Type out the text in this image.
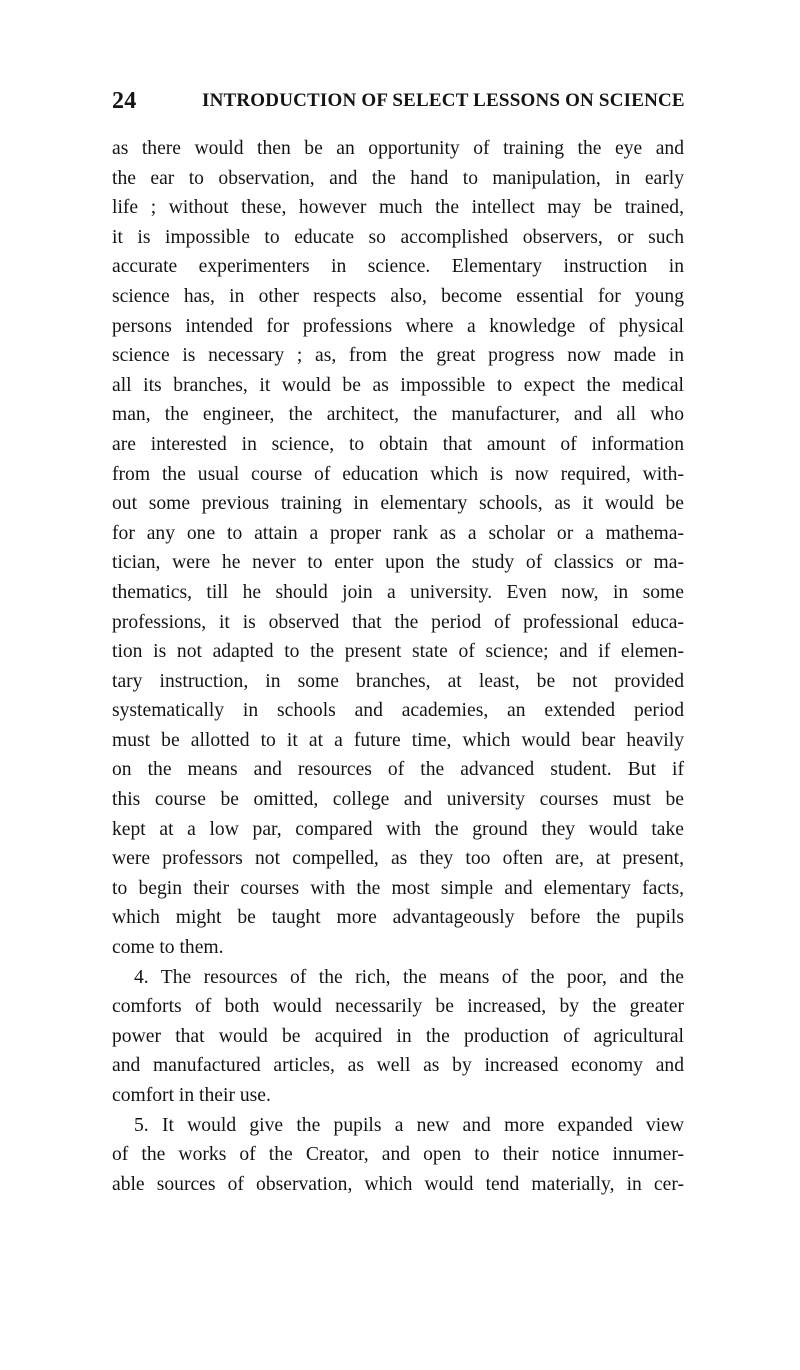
24	INTRODUCTION OF SELECT LESSONS ON SCIENCE
as there would then be an opportunity of training the eye and
the ear to observation, and the hand to manipulation, in early
life ; without these, however much the intellect may be trained,
it is impossible to educate so accomplished observers, or such
accurate experimenters in science. Elementary instruction in
science has, in other respects also, become essential for young
persons intended for professions where a knowledge of physical
science is necessary ; as, from the great progress now made in
all its branches, it would be as impossible to expect the medical
man, the engineer, the architect, the manufacturer, and all who
are interested in science, to obtain that amount of information
from the usual course of education which is now required, with-
out some previous training in elementary schools, as it would be
for any one to attain a proper rank as a scholar or a mathema-
tician, were he never to enter upon the study of classics or ma-
thematics, till he should join a university. Even now, in some
professions, it is observed that the period of professional educa-
tion is not adapted to the present state of science; and if elemen-
tary instruction, in some branches, at least, be not provided
systematically in schools and academies, an extended period
must be allotted to it at a future time, which would bear heavily
on the means and resources of the advanced student. But if
this course be omitted, college and university courses must be
kept at a low par, compared with the ground they would take
were professors not compelled, as they too often are, at present,
to begin their courses with the most simple and elementary facts,
which might be taught more advantageously before the pupils
come to them.
4. The resources of the rich, the means of the poor, and the
comforts of both would necessarily be increased, by the greater
power that would be acquired in the production of agricultural
and manufactured articles, as well as by increased economy and
comfort in their use.
5. It would give the pupils a new and more expanded view
of the works of the Creator, and open to their notice innumer-
able sources of observation, which would tend materially, in cer-
